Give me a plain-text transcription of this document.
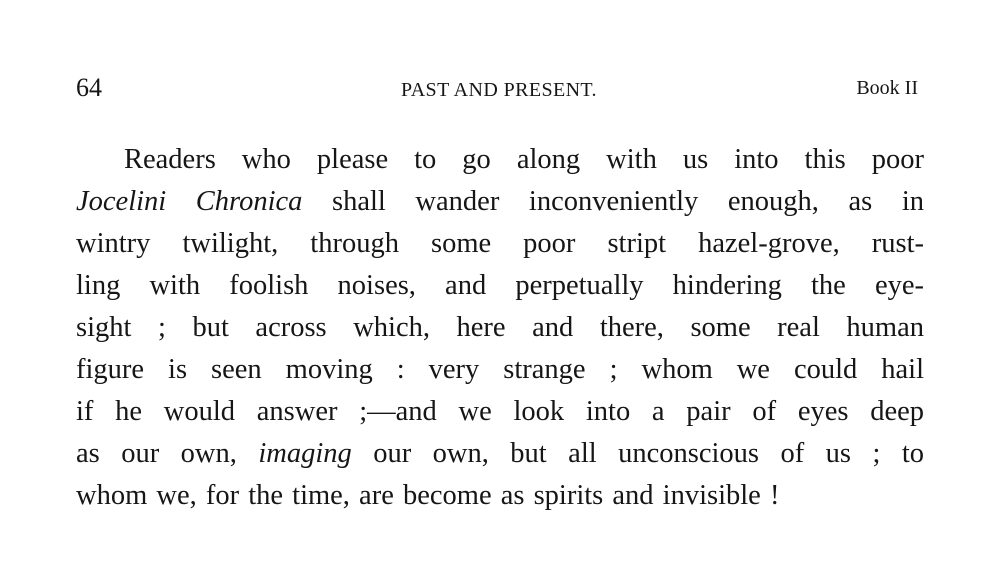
64	PAST AND PRESENT.	Book II
Readers who please to go along with us into this poor
Jocelini Chronica shall wander inconveniently enough, as in
wintry twilight, through some poor stript hazel-grove, rust-
ling with foolish noises, and perpetually hindering the eye-
sight ; but across which, here and there, some real human
figure is seen moving : very strange ; whom we could hail
if he would answer ;—and we look into a pair of eyes deep
as our own, imaging our own, but all unconscious of us ; to
whom we, for the time, are become as spirits and invisible !
